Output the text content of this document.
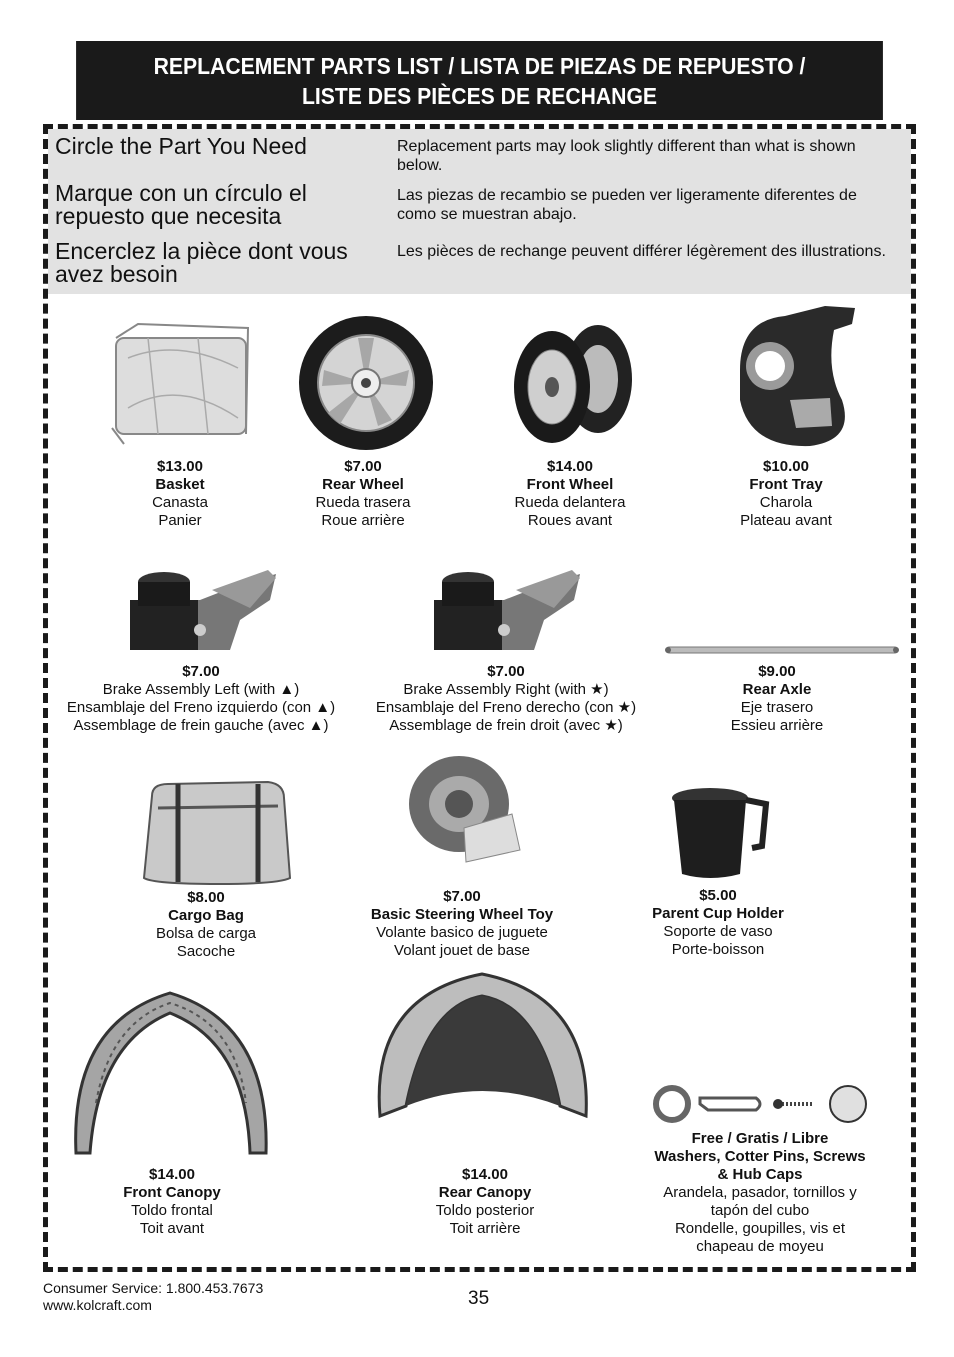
REPLACEMENT PARTS LIST / LISTA DE PIEZAS DE REPUESTO /
LISTE DES PIÈCES DE RECHANGE

Circle the Part You Need

Marque con un círculo el repuesto que necesita

Encerclez la pièce dont vous avez besoin

Replacement parts may look slightly different than what is shown below.

Las piezas de recambio se pueden ver ligeramente diferentes de como se muestran abajo.

Les pièces de rechange peuvent différer légèrement des illustrations.

$13.00
Basket
Canasta
Panier
$7.00
Rear Wheel
Rueda trasera
Roue arrière
$14.00
Front Wheel
Rueda delantera
Roues avant
$10.00
Front Tray
Charola
Plateau avant
$7.00
Brake Assembly Left (with ▲)
Ensamblaje del Freno izquierdo (con ▲)
Assemblage de frein gauche (avec ▲)
$7.00
Brake Assembly Right (with ★)
Ensamblaje del Freno derecho (con ★)
Assemblage de frein droit (avec ★)
$9.00
Rear Axle
Eje trasero
Essieu arrière
$8.00
Cargo Bag
Bolsa de carga
Sacoche
$7.00
Basic Steering Wheel Toy
Volante basico de juguete
Volant jouet de base
$5.00
Parent Cup Holder
Soporte de vaso
Porte-boisson
$14.00
Front Canopy
Toldo frontal
Toit avant
$14.00
Rear Canopy
Toldo posterior
Toit arrière
Free / Gratis / Libre
Washers, Cotter Pins, Screws
& Hub Caps
Arandela, pasador, tornillos y
tapón del cubo
Rondelle, goupilles, vis et
chapeau de moyeu
Consumer Service: 1.800.453.7673
www.kolcraft.com	35
